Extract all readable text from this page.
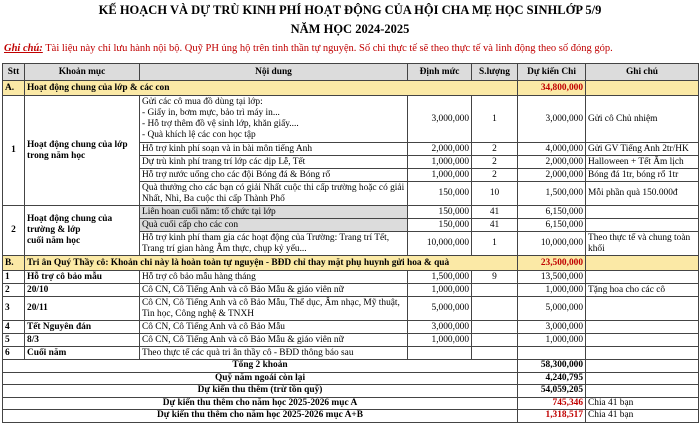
KẾ HOẠCH VÀ DỰ TRÙ KINH PHÍ HOẠT ĐỘNG CỦA HỘI CHA MẸ HỌC SINHLỚP 5/9
NĂM HỌC 2024-2025
Ghi chú: Tài liệu này chỉ lưu hành nội bộ. Quỹ PH ủng hộ trên tinh thần tự nguyện. Số chi thực tế sẽ theo thực tế và linh động theo số đóng góp.
Stt	Khoản mục	Nội dung	Định mức	S.lượng	Dự kiến Chi	Ghi chú
A.	Hoạt động chung của lớp & các con				34,800,000	
1	Hoạt động chung của lớp trong năm học	Gửi các cô mua đồ dùng tại lớp:
- Giấy in, bơm mực, bảo trì máy in...
- Hỗ trợ thêm đồ vệ sinh lớp, khăn giấy....
- Quà khích lệ các con học tập	3,000,000	1	3,000,000	Gửi cô Chủ nhiệm
		Hỗ trợ kinh phí soạn và in bài môn tiếng Anh	2,000,000	2	4,000,000	Gửi GV Tiếng Anh 2tr/HK
		Dự trù kinh phí trang trí lớp các dịp Lễ, Tết	1,000,000	2	2,000,000	Halloween + Tết Âm lịch
		Hỗ trợ nước uống cho các đội Bóng đá & Bóng rổ	1,000,000	2	2,000,000	Bóng đá 1tr, bóng rổ 1tr
		Quà thưởng cho các bạn có giải Nhất cuộc thi cấp trường hoặc có giải Nhất, Nhì, Ba cuộc thi cấp Thành Phố	150,000	10	1,500,000	Mỗi phần quà 150.000đ
2	Hoạt động chung của trường & lớp
cuối năm học	Liên hoan cuối năm: tổ chức tại lớp	150,000	41	6,150,000	
		Quà cuối cấp cho các con	150,000	41	6,150,000	
		Hỗ trợ kinh phí tham gia các hoạt động của Trường: Trang trí Tết, Trang trí gian hàng Âm thực, chụp kỷ yếu...	10,000,000	1	10,000,000	Theo thực tế và chung toàn khối
B.	Tri ân Quý Thầy cô: Khoản chi này là hoàn toàn tự nguyện - BĐD chỉ thay mặt phụ huynh gửi hoa & quà				23,500,000	
1	Hỗ trợ cô bảo mẫu	Hỗ trợ cô bảo mẫu hàng tháng	1,500,000	9	13,500,000	
2	20/10	Cô CN, Cô Tiếng Anh và cô Bảo Mẫu & giáo viên nữ	1,000,000		1,000,000	Tặng hoa cho các cô
3	20/11	Cô CN, Cô Tiếng Anh và cô Bảo Mẫu, Thể dục, Âm nhạc, Mỹ thuật, Tin học, Công nghệ & TNXH	5,000,000		5,000,000	
4	Tết Nguyên đán	Cô CN, Cô Tiếng Anh và cô Bảo Mẫu	3,000,000		3,000,000	
5	8/3	Cô CN, Cô Tiếng Anh và cô Bảo Mẫu & giáo viên nữ	1,000,000		1,000,000	
6	Cuối năm	Theo thực tế các quà tri ân thầy cô - BĐD thông báo sau				
Tổng 2 khoản					58,300,000	
Quỹ năm ngoái còn lại					4,240,795	
Dự kiến thu thêm (trừ tồn quỹ)					54,059,205	
Dự kiến thu thêm cho năm học 2025-2026 mục A					745,346	Chia 41 bạn
Dự kiến thu thêm cho năm học 2025-2026 mục A+B					1,318,517	Chia 41 bạn
